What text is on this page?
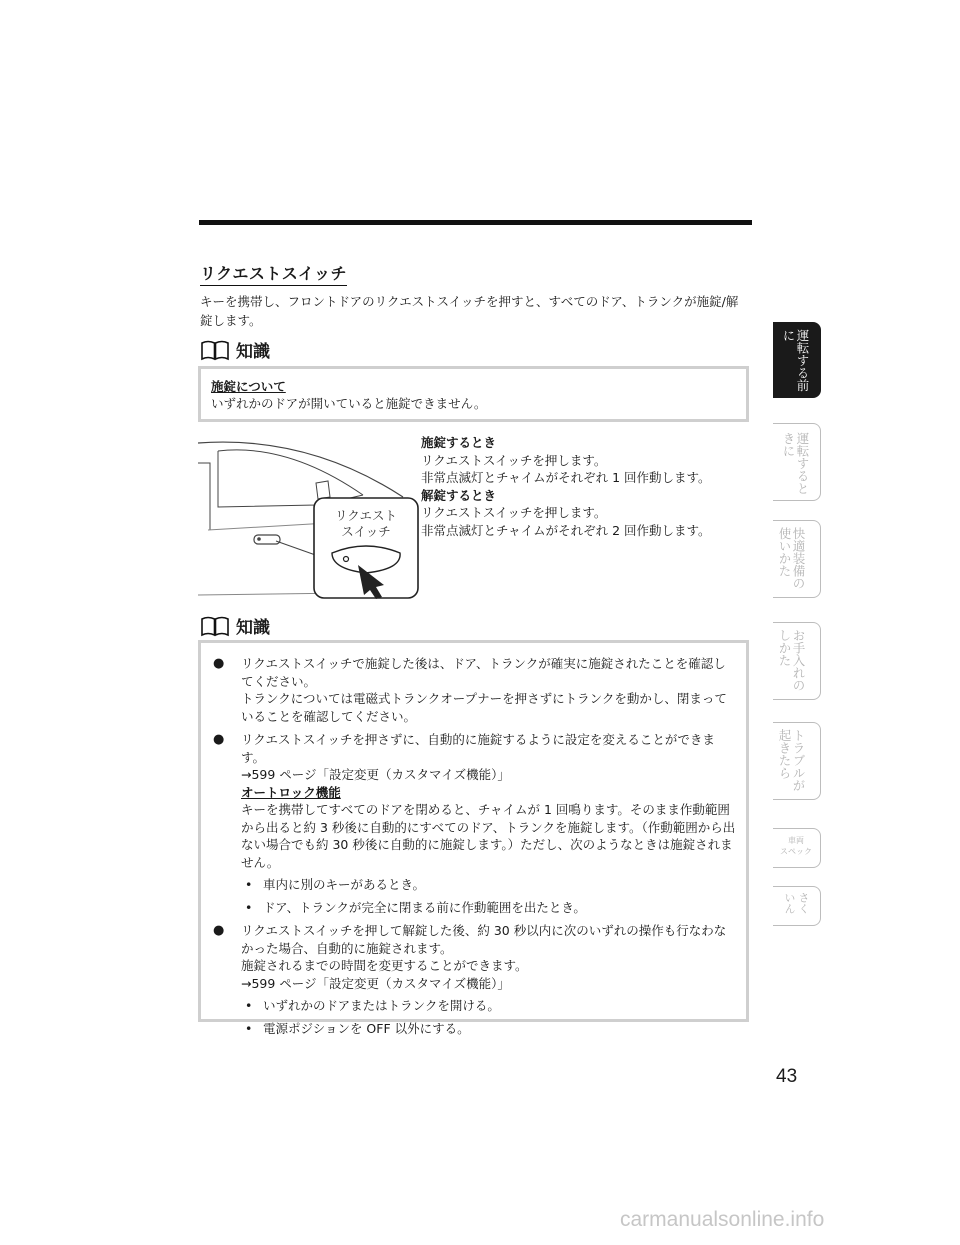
リクエストスイッチ
キーを携帯し、フロントドアのリクエストスイッチを押すと、すべてのドア、トランクが施錠/解錠します。
知識
施錠について
いずれかのドアが開いていると施錠できません。
リクエスト
スイッチ
施錠するとき
リクエストスイッチを押します。
非常点滅灯とチャイムがそれぞれ 1 回作動します。
解錠するとき
リクエストスイッチを押します。
非常点滅灯とチャイムがそれぞれ 2 回作動します。
知識
● リクエストスイッチで施錠した後は、ドア、トランクが確実に施錠されたことを確認してください。
トランクについては電磁式トランクオープナーを押さずにトランクを動かし、閉まっていることを確認してください。
● リクエストスイッチを押さずに、自動的に施錠するように設定を変えることができます。
→599 ページ「設定変更（カスタマイズ機能）」
オートロック機能
キーを携帯してすべてのドアを閉めると、チャイムが 1 回鳴ります。そのまま作動範囲から出ると約 3 秒後に自動的にすべてのドア、トランクを施錠します。（作動範囲から出ない場合でも約 30 秒後に自動的に施錠します。）ただし、次のようなときは施錠されません。
• 車内に別のキーがあるとき。
• ドア、トランクが完全に閉まる前に作動範囲を出たとき。
● リクエストスイッチを押して解錠した後、約 30 秒以内に次のいずれの操作も行なわなかった場合、自動的に施錠されます。
施錠されるまでの時間を変更することができます。
→599 ページ「設定変更（カスタマイズ機能）」
• いずれかのドアまたはトランクを開ける。
• 電源ポジションを OFF 以外にする。
運転する前に
運転するときに
快適装備の使いかた
お手入れのしかた
トラブルが起きたら
車両
スペック
さくいん
43
carmanualsonline.info
